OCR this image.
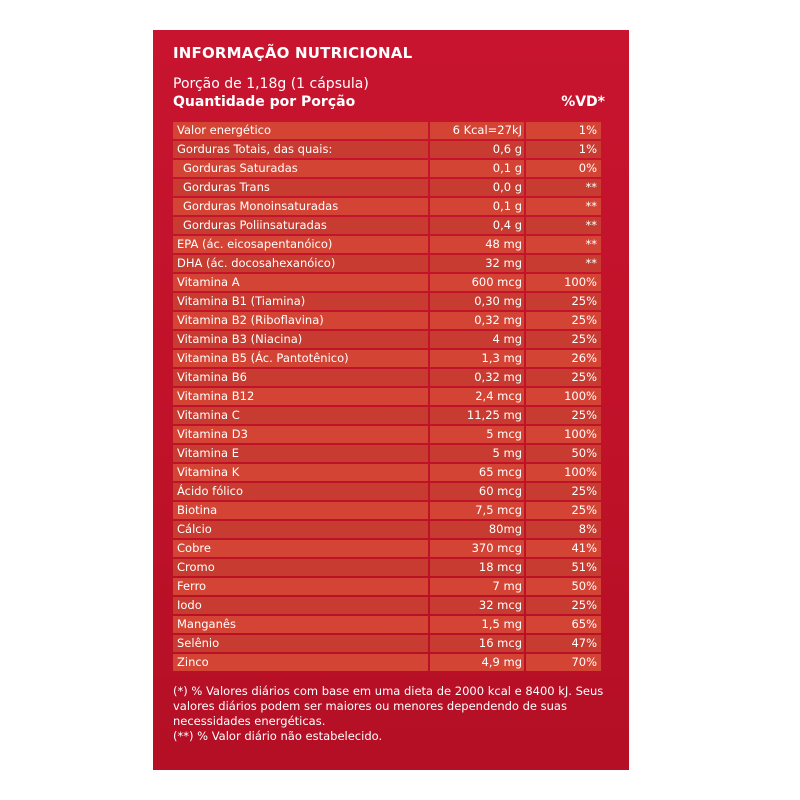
INFORMAÇÃO NUTRICIONAL
Porção de 1,18g (1 cápsula)
Quantidade por Porção	%VD*
Valor energético	6 Kcal=27kJ	1%
Gorduras Totais, das quais:	0,6 g	1%
Gorduras Saturadas	0,1 g	0%
Gorduras Trans	0,0 g	**
Gorduras Monoinsaturadas	0,1 g	**
Gorduras Poliinsaturadas	0,4 g	**
EPA (ác. eicosapentanóico)	48 mg	**
DHA (ác. docosahexanóico)	32 mg	**
Vitamina A	600 mcg	100%
Vitamina B1 (Tiamina)	0,30 mg	25%
Vitamina B2 (Riboflavina)	0,32 mg	25%
Vitamina B3 (Niacina)	4 mg	25%
Vitamina B5 (Ác. Pantotênico)	1,3 mg	26%
Vitamina B6	0,32 mg	25%
Vitamina B12	2,4 mcg	100%
Vitamina C	11,25 mg	25%
Vitamina D3	5 mcg	100%
Vitamina E	5 mg	50%
Vitamina K	65 mcg	100%
Ácido fólico	60 mcg	25%
Biotina	7,5 mcg	25%
Cálcio	80mg	8%
Cobre	370 mcg	41%
Cromo	18 mcg	51%
Ferro	7 mg	50%
Iodo	32 mcg	25%
Manganês	1,5 mg	65%
Selênio	16 mcg	47%
Zinco	4,9 mg	70%

(*) % Valores diários com base em uma dieta de 2000 kcal e 8400 kJ. Seus valores diários podem ser maiores ou menores dependendo de suas necessidades energéticas.

(**) % Valor diário não estabelecido.
